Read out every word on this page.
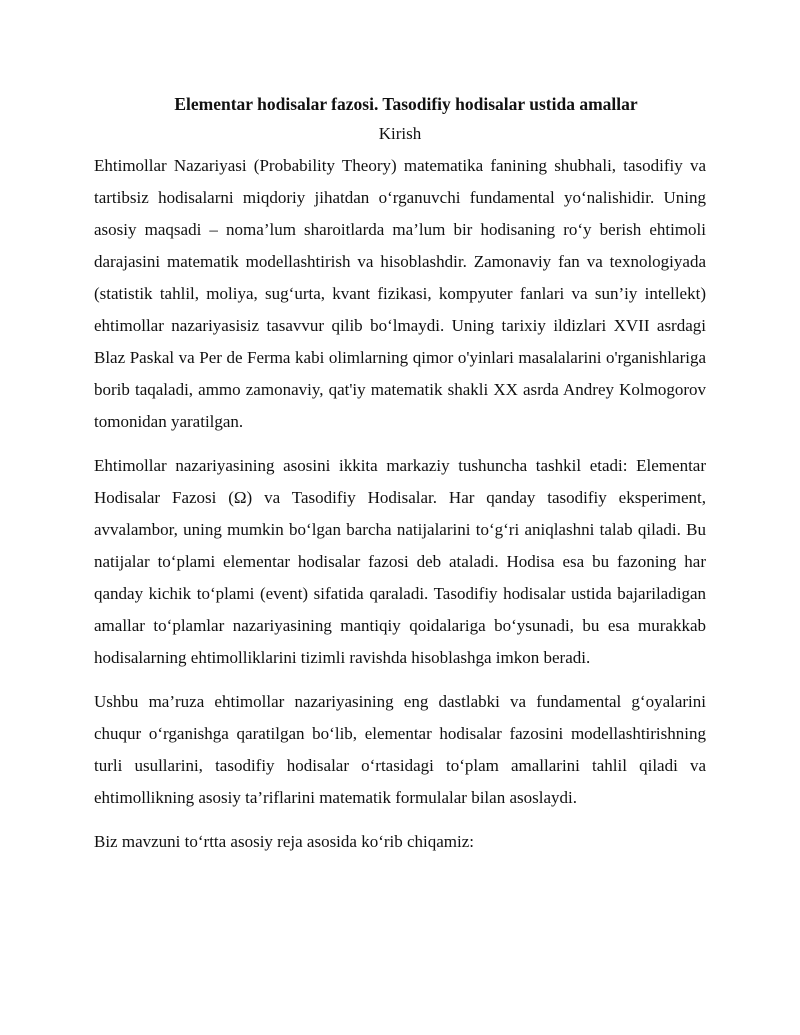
Elementar hodisalar fazosi. Tasodifiy hodisalar ustida amallar
Kirish

Ehtimollar Nazariyasi (Probability Theory) matematika fanining shubhali, tasodifiy va tartibsiz hodisalarni miqdoriy jihatdan o‘rganuvchi fundamental yo‘nalishidir. Uning asosiy maqsadi – noma’lum sharoitlarda ma’lum bir hodisaning ro‘y berish ehtimoli darajasini matematik modellashtirish va hisoblashdir. Zamonaviy fan va texnologiyada (statistik tahlil, moliya, sug‘urta, kvant fizikasi, kompyuter fanlari va sun’iy intellekt) ehtimollar nazariyasisiz tasavvur qilib bo‘lmaydi. Uning tarixiy ildizlari XVII asrdagi Blaz Paskal va Per de Ferma kabi olimlarning qimor o'yinlari masalalarini o'rganishlariga borib taqaladi, ammo zamonaviy, qat'iy matematik shakli XX asrda Andrey Kolmogorov tomonidan yaratilgan.

Ehtimollar nazariyasining asosini ikkita markaziy tushuncha tashkil etadi: Elementar Hodisalar Fazosi (Ω) va Tasodifiy Hodisalar. Har qanday tasodifiy eksperiment, avvalambor, uning mumkin bo‘lgan barcha natijalarini to‘g‘ri aniqlashni talab qiladi. Bu natijalar to‘plami elementar hodisalar fazosi deb ataladi. Hodisa esa bu fazoning har qanday kichik to‘plami (event) sifatida qaraladi. Tasodifiy hodisalar ustida bajariladigan amallar to‘plamlar nazariyasining mantiqiy qoidalariga bo‘ysunadi, bu esa murakkab hodisalarning ehtimolliklarini tizimli ravishda hisoblashga imkon beradi.

Ushbu ma’ruza ehtimollar nazariyasining eng dastlabki va fundamental g‘oyalarini chuqur o‘rganishga qaratilgan bo‘lib, elementar hodisalar fazosini modellashtirishning turli usullarini, tasodifiy hodisalar o‘rtasidagi to‘plam amallarini tahlil qiladi va ehtimollikning asosiy ta’riflarini matematik formulalar bilan asoslaydi.

Biz mavzuni to‘rtta asosiy reja asosida ko‘rib chiqamiz:
